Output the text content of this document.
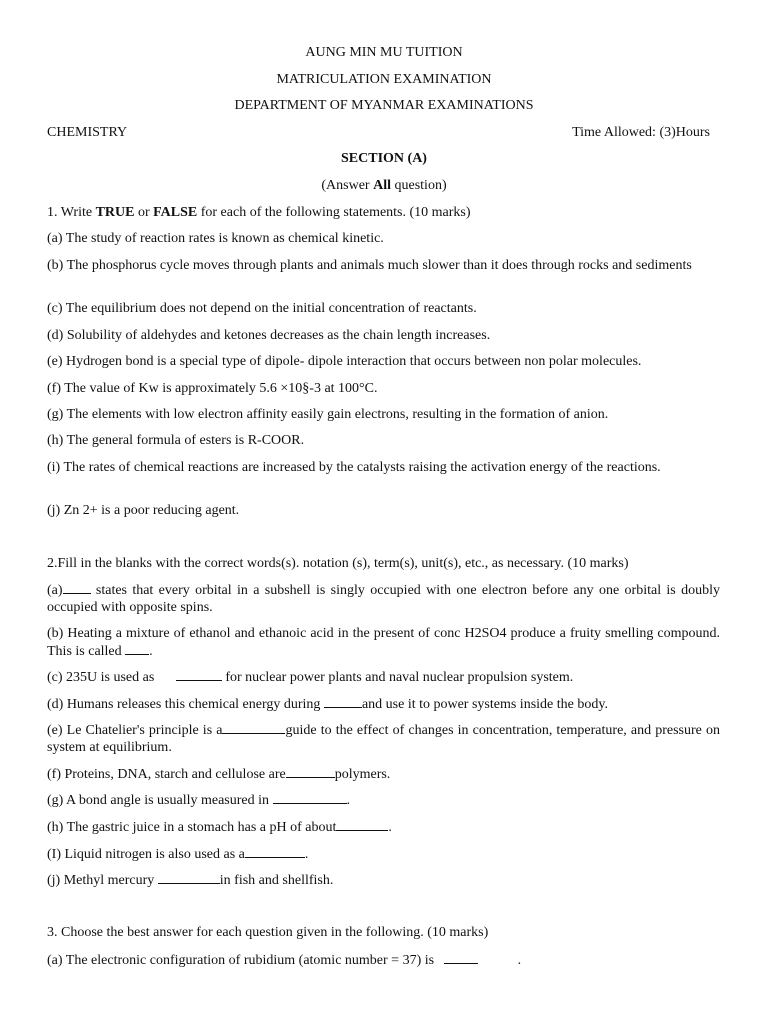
AUNG MIN MU TUITION
MATRICULATION EXAMINATION
DEPARTMENT OF MYANMAR EXAMINATIONS
CHEMISTRY	Time Allowed: (3)Hours
SECTION (A)
(Answer All question)
1. Write TRUE or FALSE for each of the following statements. (10 marks)
(a) The study of reaction rates is known as chemical kinetic.
(b) The phosphorus cycle moves through plants and animals much slower than it does through rocks and sediments
(c) The equilibrium does not depend on the initial concentration of reactants.
(d) Solubility of aldehydes and ketones decreases as the chain length increases.
(e) Hydrogen bond is a special type of dipole- dipole interaction that occurs between non polar molecules.
(f) The value of Kw is approximately 5.6 ×10§-3 at 100°C.
(g) The elements with low electron affinity easily gain electrons, resulting in the formation of anion.
(h) The general formula of esters is R-COOR.
(i) The rates of chemical reactions are increased by the catalysts raising the activation energy of the reactions.
(j) Zn 2+ is a poor reducing agent.
2.Fill in the blanks with the correct words(s). notation (s), term(s), unit(s), etc., as necessary. (10 marks)
(a) states that every orbital in a subshell is singly occupied with one electron before any one orbital is doubly occupied with opposite spins.
(b) Heating a mixture of ethanol and ethanoic acid in the present of conc H2SO4 produce a fruity smelling compound. This is called .
(c) 235U is used as	for nuclear power plants and naval nuclear propulsion system.
(d) Humans releases this chemical energy during	and use it to power systems inside the body.
(e) Le Chatelier's principle is a	guide to the effect of changes in concentration, temperature, and pressure on system at equilibrium.
(f) Proteins, DNA, starch and cellulose are	polymers.
(g) A bond angle is usually measured in	.
(h) The gastric juice in a stomach has a pH of about	.
(I) Liquid nitrogen is also used as a	.
(j) Methyl mercury	in fish and shellfish.
3. Choose the best answer for each question given in the following. (10 marks)
(a) The electronic configuration of rubidium (atomic number = 37) is	.
